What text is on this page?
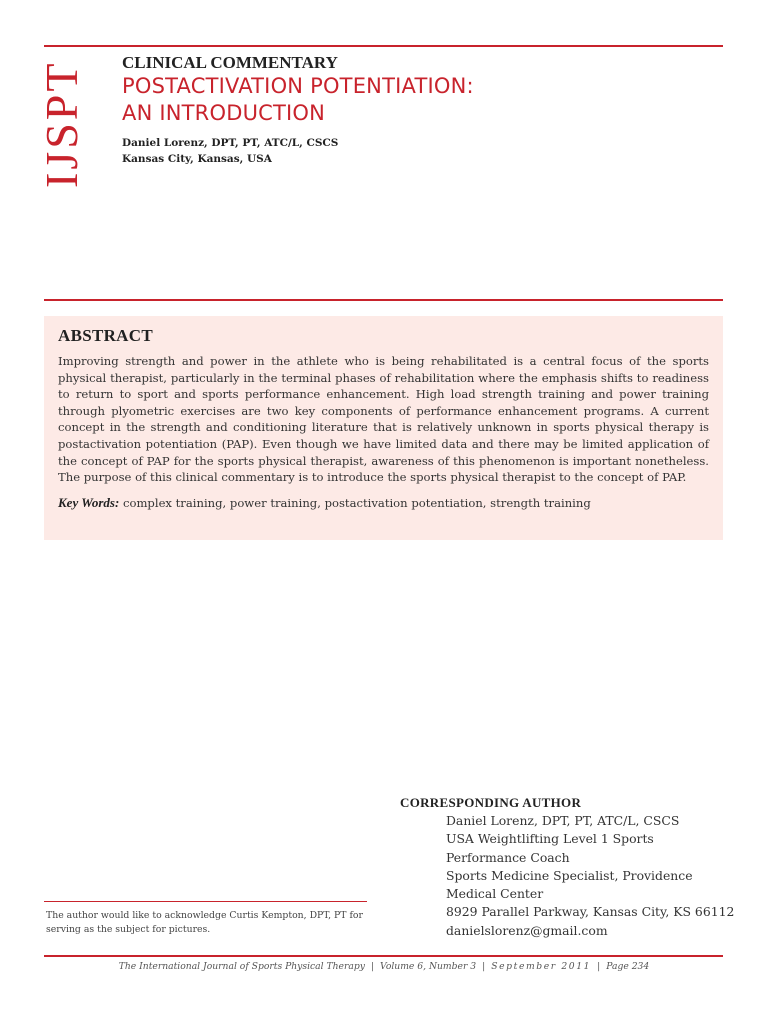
IJSPT CLINICAL COMMENTARY
POSTACTIVATION POTENTIATION:
AN INTRODUCTION

Daniel Lorenz, DPT, PT, ATC/L, CSCS

Kansas City, Kansas, USA

ABSTRACT

Improving strength and power in the athlete who is being rehabilitated is a central focus of the sports physical therapist, particularly in the terminal phases of rehabilitation where the emphasis shifts to readiness to return to sport and sports performance enhancement. High load strength training and power training through plyometric exercises are two key components of performance enhancement programs. A current concept in the strength and conditioning literature that is relatively unknown in sports physical therapy is postactivation potentiation (PAP). Even though we have limited data and there may be limited application of the concept of PAP for the sports physical therapist, awareness of this phenomenon is important nonetheless. The purpose of this clinical commentary is to introduce the sports physical therapist to the concept of PAP.

Key Words: complex training, power training, postactivation potentiation, strength training

CORRESPONDING AUTHOR
Daniel Lorenz, DPT, PT, ATC/L, CSCS
USA Weightlifting Level 1 Sports
Performance Coach
Sports Medicine Specialist, Providence
Medical Center
8929 Parallel Parkway, Kansas City, KS 66112
danielslorenz@gmail.com

The author would like to acknowledge Curtis Kempton, DPT, PT for serving as the subject for pictures.

The International Journal of Sports Physical Therapy | Volume 6, Number 3 | September 2011 | Page 234
